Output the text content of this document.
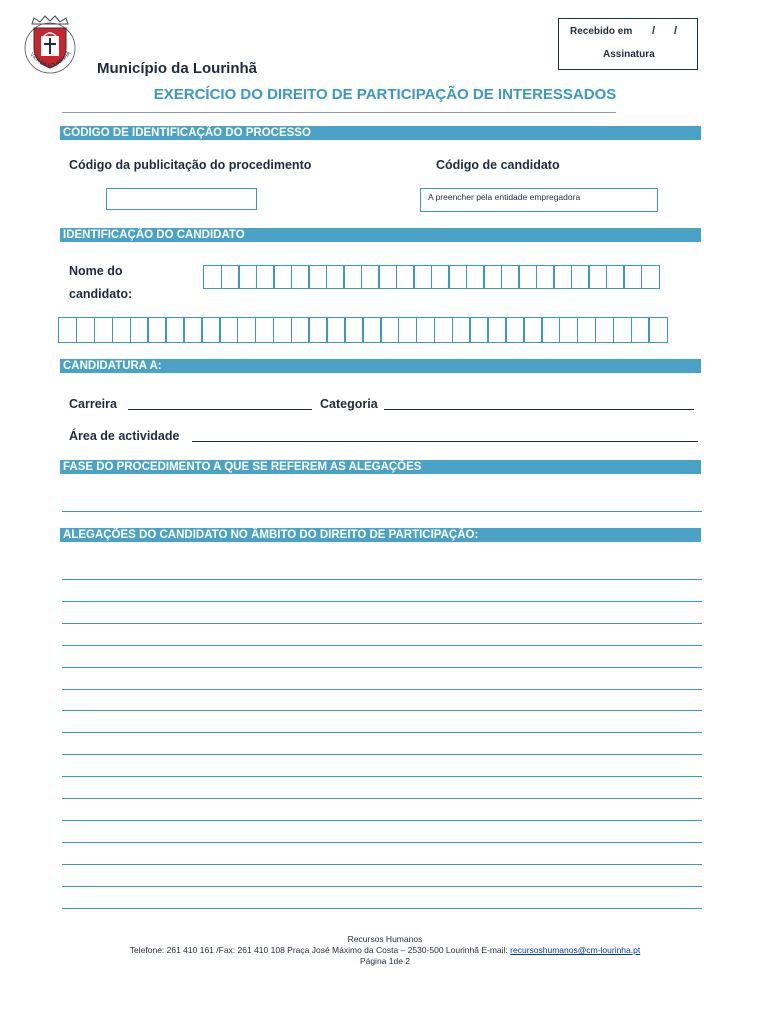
VILA DA LOURINHÃ
Município da Lourinhã
Recebido em / /
Assinatura
EXERCÍCIO DO DIREITO DE PARTICIPAÇÃO DE INTERESSADOS
CÓDIGO DE IDENTIFICAÇÃO DO PROCESSO
Código da publicitação do procedimento	Código de candidato
A preencher pela entidade empregadora
IDENTIFICAÇÃO DO CANDIDATO
Nome do
candidato:
CANDIDATURA A:
Carreira	Categoria
Área de actividade
FASE DO PROCEDIMENTO A QUE SE REFEREM AS ALEGAÇÕES
ALEGAÇÕES DO CANDIDATO NO ÂMBITO DO DIREITO DE PARTICIPAÇÃO:
Recursos Humanos
Telefone: 261 410 161 /Fax: 261 410 108 Praça José Máximo da Costa – 2530-500 Lourinhã E-mail: recursoshumanos@cm-lourinha.pt
Página 1de 2
